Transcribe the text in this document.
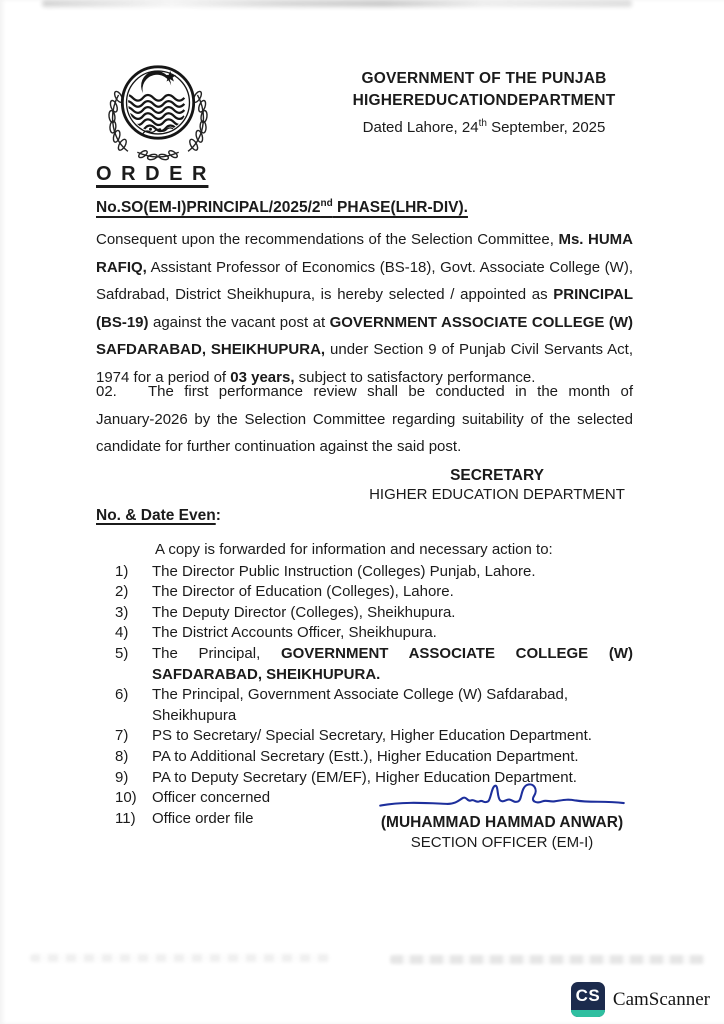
GOVERNMENT OF THE PUNJAB
HIGHEREDUCATIONDEPARTMENT
Dated Lahore, 24th September, 2025
O R D E R
No.SO(EM-I)PRINCIPAL/2025/2nd PHASE(LHR-DIV).
Consequent upon the recommendations of the Selection Committee, Ms. HUMA RAFIQ, Assistant Professor of Economics (BS-18), Govt. Associate College (W), Safdrabad, District Sheikhupura, is hereby selected / appointed as PRINCIPAL (BS-19) against the vacant post at GOVERNMENT ASSOCIATE COLLEGE (W) SAFDARABAD, SHEIKHUPURA, under Section 9 of Punjab Civil Servants Act, 1974 for a period of 03 years, subject to satisfactory performance.
02. The first performance review shall be conducted in the month of January-2026 by the Selection Committee regarding suitability of the selected candidate for further continuation against the said post.
SECRETARY
HIGHER EDUCATION DEPARTMENT
No. & Date Even:
A copy is forwarded for information and necessary action to:
1)	The Director Public Instruction (Colleges) Punjab, Lahore.
2)	The Director of Education (Colleges), Lahore.
3)	The Deputy Director (Colleges), Sheikhupura.
4)	The District Accounts Officer, Sheikhupura.
5)	The Principal, GOVERNMENT ASSOCIATE COLLEGE (W) SAFDARABAD, SHEIKHUPURA.
6)	The Principal, Government Associate College (W) Safdarabad, Sheikhupura
7)	PS to Secretary/ Special Secretary, Higher Education Department.
8)	PA to Additional Secretary (Estt.), Higher Education Department.
9)	PA to Deputy Secretary (EM/EF), Higher Education Department.
10)	Officer concerned
11)	Office order file	(MUHAMMAD HAMMAD ANWAR)
SECTION OFFICER (EM-I)
CS CamScanner
